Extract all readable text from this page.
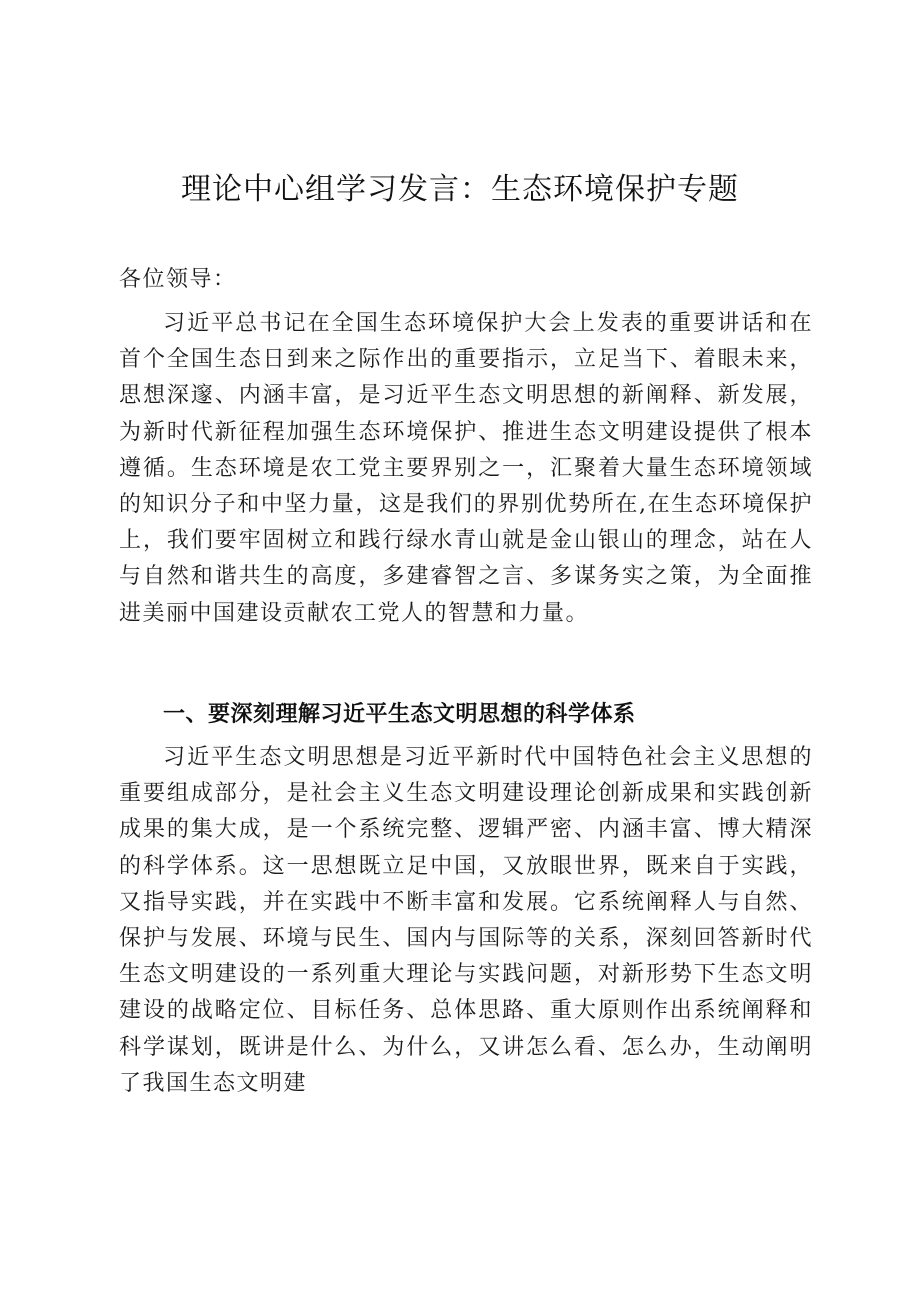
理论中心组学习发言：生态环境保护专题

各位领导：

习近平总书记在全国生态环境保护大会上发表的重要讲话和在首个全国生态日到来之际作出的重要指示，立足当下、着眼未来，思想深邃、内涵丰富，是习近平生态文明思想的新阐释、新发展，为新时代新征程加强生态环境保护、推进生态文明建设提供了根本遵循。生态环境是农工党主要界别之一，汇聚着大量生态环境领域的知识分子和中坚力量，这是我们的界别优势所在,在生态环境保护上，我们要牢固树立和践行绿水青山就是金山银山的理念，站在人与自然和谐共生的高度，多建睿智之言、多谋务实之策，为全面推进美丽中国建设贡献农工党人的智慧和力量。

一、要深刻理解习近平生态文明思想的科学体系

习近平生态文明思想是习近平新时代中国特色社会主义思想的重要组成部分，是社会主义生态文明建设理论创新成果和实践创新成果的集大成，是一个系统完整、逻辑严密、内涵丰富、博大精深的科学体系。这一思想既立足中国，又放眼世界，既来自于实践，又指导实践，并在实践中不断丰富和发展。它系统阐释人与自然、保护与发展、环境与民生、国内与国际等的关系，深刻回答新时代生态文明建设的一系列重大理论与实践问题，对新形势下生态文明建设的战略定位、目标任务、总体思路、重大原则作出系统阐释和科学谋划，既讲是什么、为什么，又讲怎么看、怎么办，生动阐明了我国生态文明建
